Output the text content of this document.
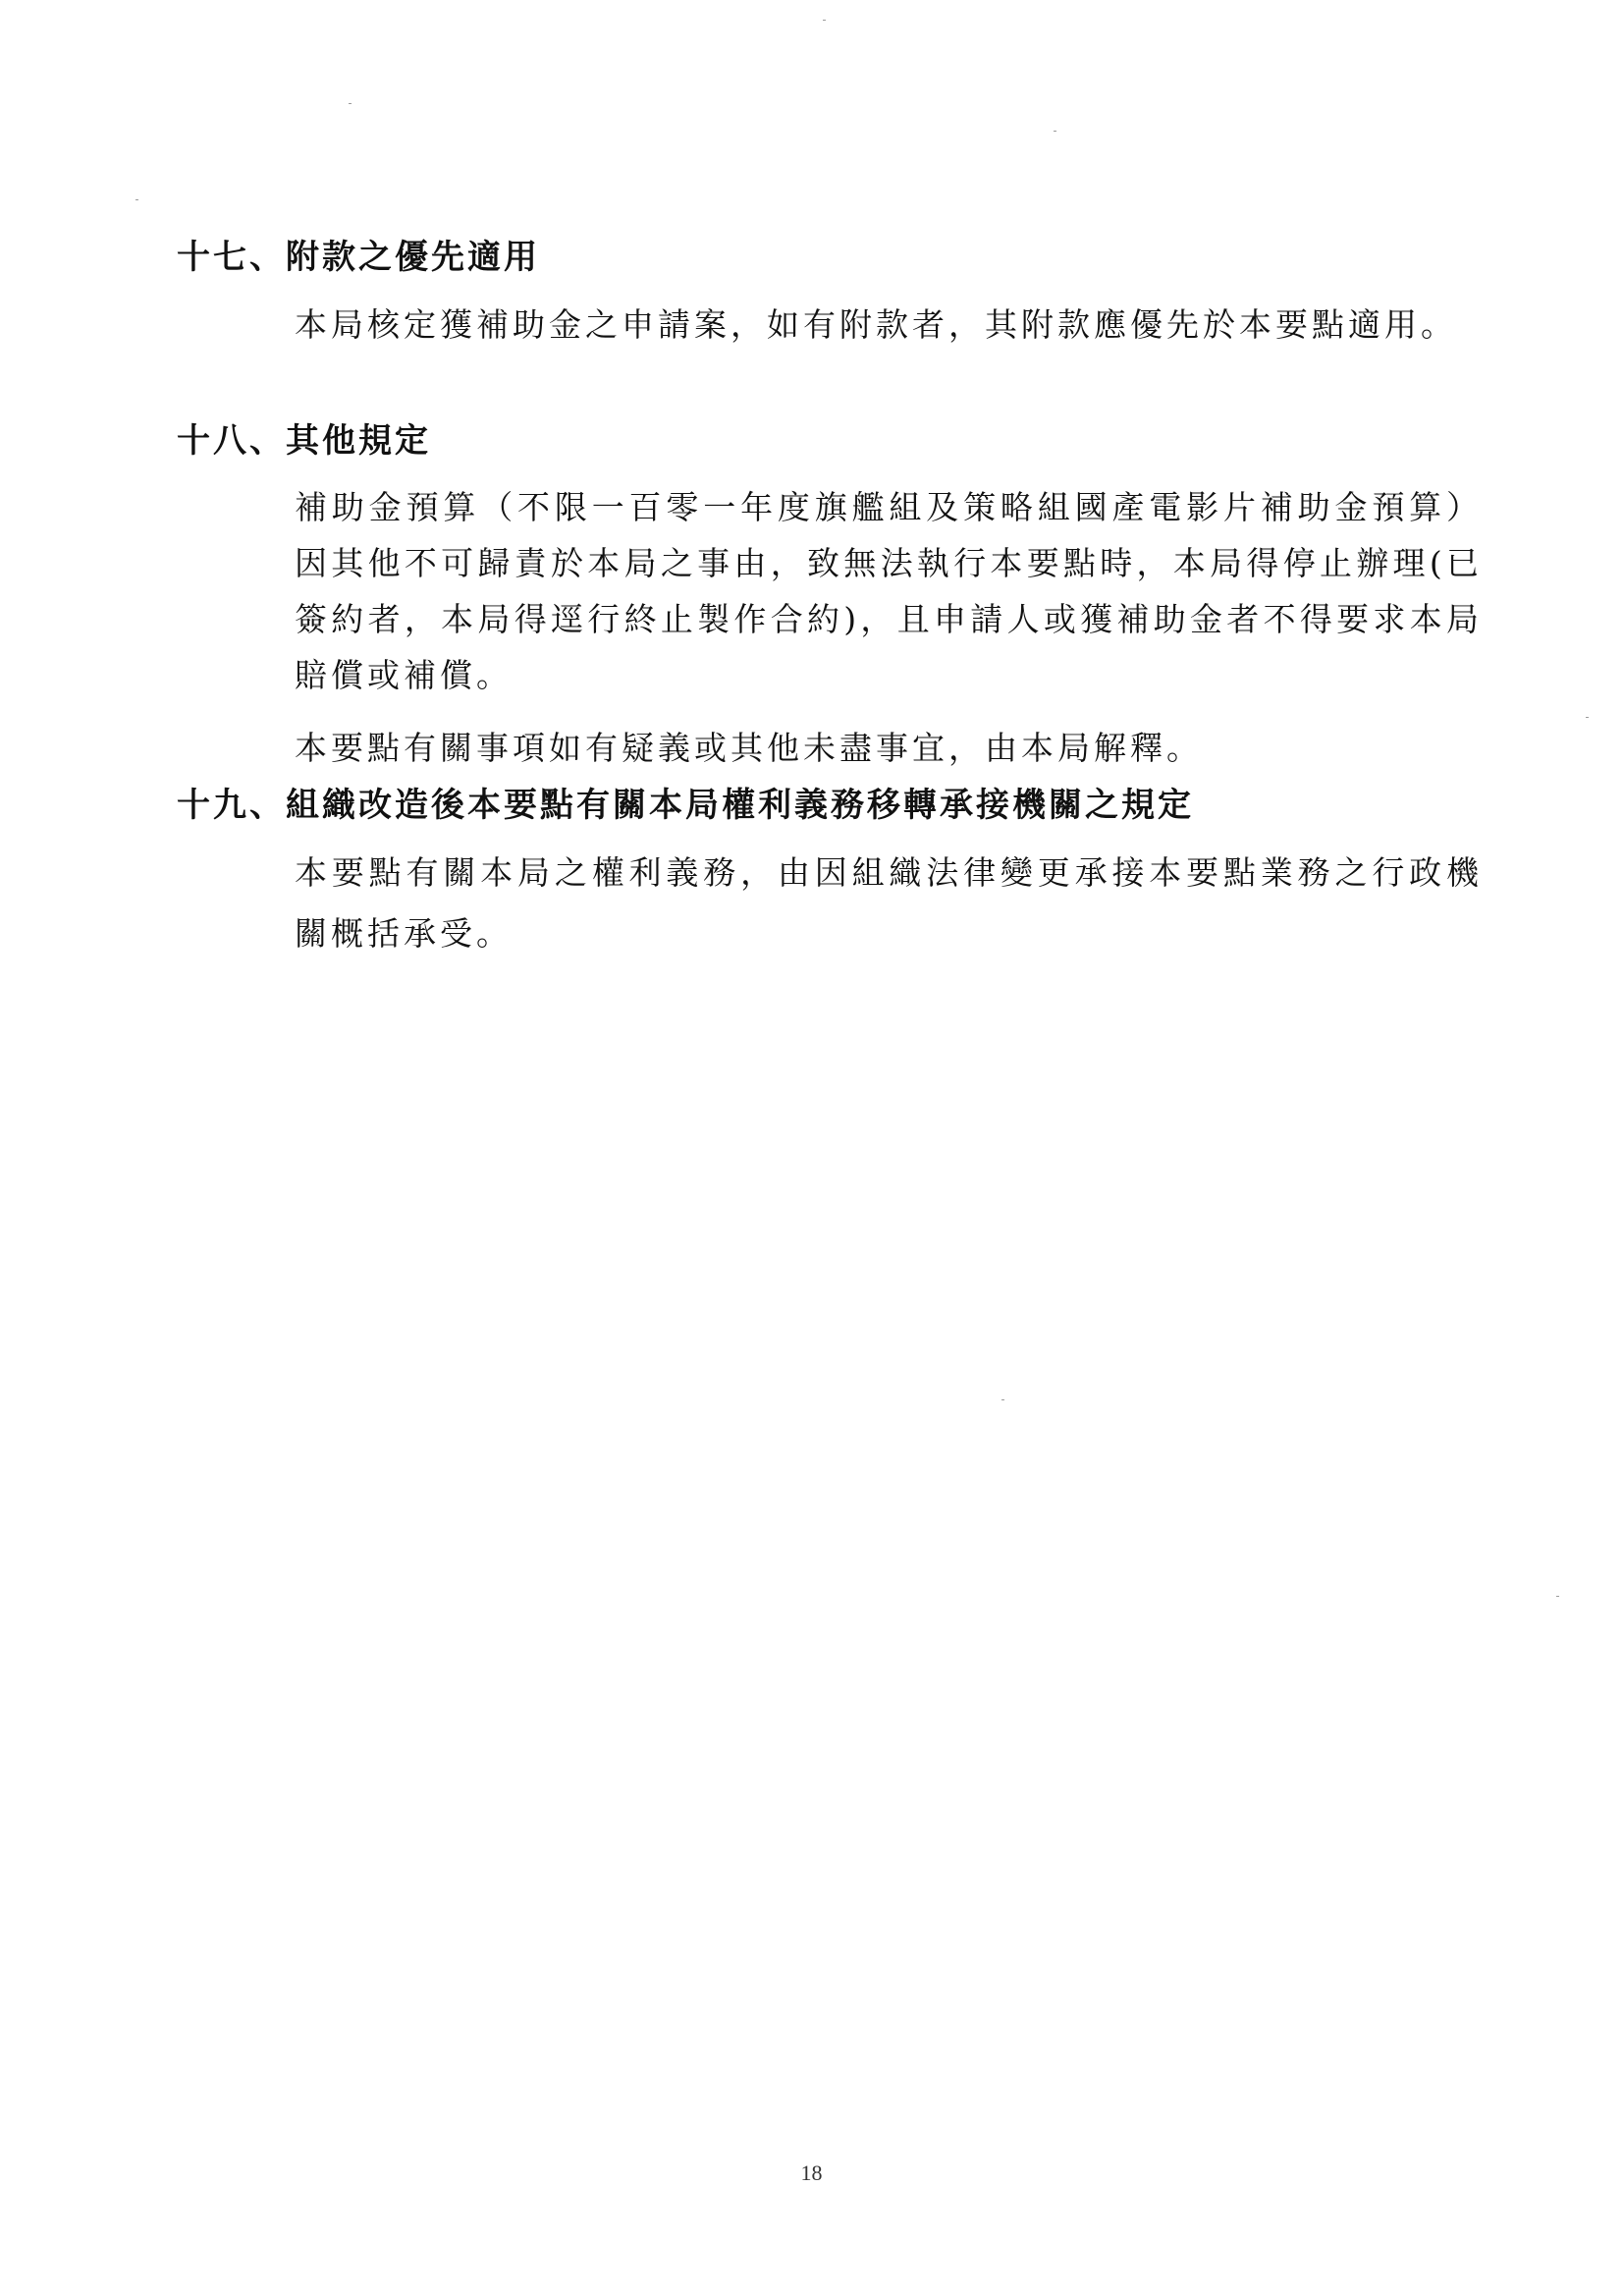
十七、附款之優先適用
本局核定獲補助金之申請案，如有附款者，其附款應優先於本要點適用。
十八、其他規定
補助金預算（不限一百零一年度旗艦組及策略組國產電影片補助金預算）因其他不可歸責於本局之事由，致無法執行本要點時，本局得停止辦理(已簽約者，本局得逕行終止製作合約)，且申請人或獲補助金者不得要求本局賠償或補償。
本要點有關事項如有疑義或其他未盡事宜，由本局解釋。
十九、組織改造後本要點有關本局權利義務移轉承接機關之規定
本要點有關本局之權利義務，由因組織法律變更承接本要點業務之行政機關概括承受。
18
